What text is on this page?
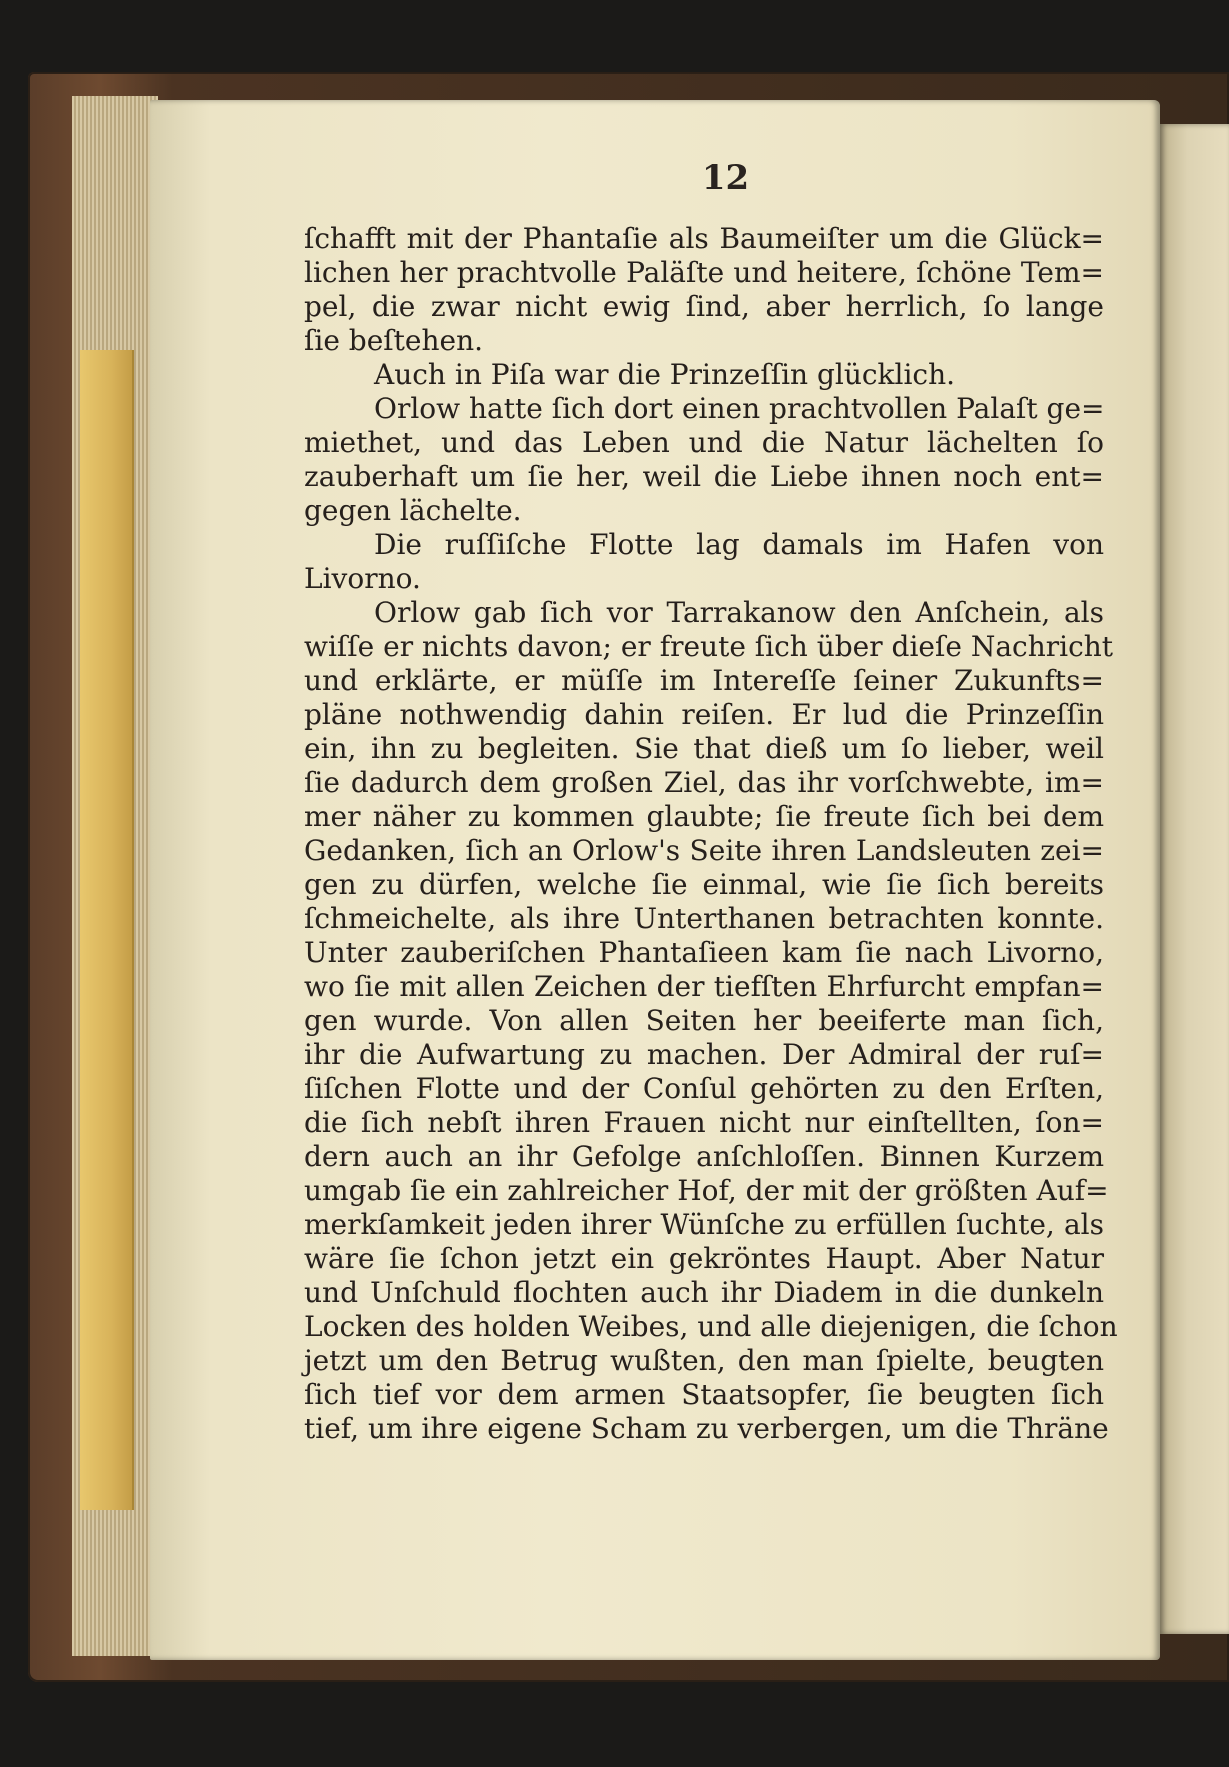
12
ſchafft mit der Phantaſie als Baumeiſter um die Glück=
lichen her prachtvolle Paläſte und heitere, ſchöne Tem=
pel, die zwar nicht ewig ſind, aber herrlich, ſo lange
ſie beſtehen.
Auch in Piſa war die Prinzeſſin glücklich.
Orlow hatte ſich dort einen prachtvollen Palaſt ge=
miethet, und das Leben und die Natur lächelten ſo
zauberhaft um ſie her, weil die Liebe ihnen noch ent=
gegen lächelte.
Die ruſſiſche Flotte lag damals im Hafen von
Livorno.
Orlow gab ſich vor Tarrakanow den Anſchein, als
wiſſe er nichts davon; er freute ſich über dieſe Nachricht
und erklärte, er müſſe im Intereſſe ſeiner Zukunfts=
pläne nothwendig dahin reiſen. Er lud die Prinzeſſin
ein, ihn zu begleiten. Sie that dieß um ſo lieber, weil
ſie dadurch dem großen Ziel, das ihr vorſchwebte, im=
mer näher zu kommen glaubte; ſie freute ſich bei dem
Gedanken, ſich an Orlow's Seite ihren Landsleuten zei=
gen zu dürfen, welche ſie einmal, wie ſie ſich bereits
ſchmeichelte, als ihre Unterthanen betrachten konnte.
Unter zauberiſchen Phantaſieen kam ſie nach Livorno,
wo ſie mit allen Zeichen der tiefſten Ehrfurcht empfan=
gen wurde. Von allen Seiten her beeiferte man ſich,
ihr die Aufwartung zu machen. Der Admiral der ruſ=
ſiſchen Flotte und der Conſul gehörten zu den Erſten,
die ſich nebſt ihren Frauen nicht nur einſtellten, ſon=
dern auch an ihr Gefolge anſchloſſen. Binnen Kurzem
umgab ſie ein zahlreicher Hof, der mit der größten Auf=
merkſamkeit jeden ihrer Wünſche zu erfüllen ſuchte, als
wäre ſie ſchon jetzt ein gekröntes Haupt. Aber Natur
und Unſchuld flochten auch ihr Diadem in die dunkeln
Locken des holden Weibes, und alle diejenigen, die ſchon
jetzt um den Betrug wußten, den man ſpielte, beugten
ſich tief vor dem armen Staatsopfer, ſie beugten ſich
tief, um ihre eigene Scham zu verbergen, um die Thräne
